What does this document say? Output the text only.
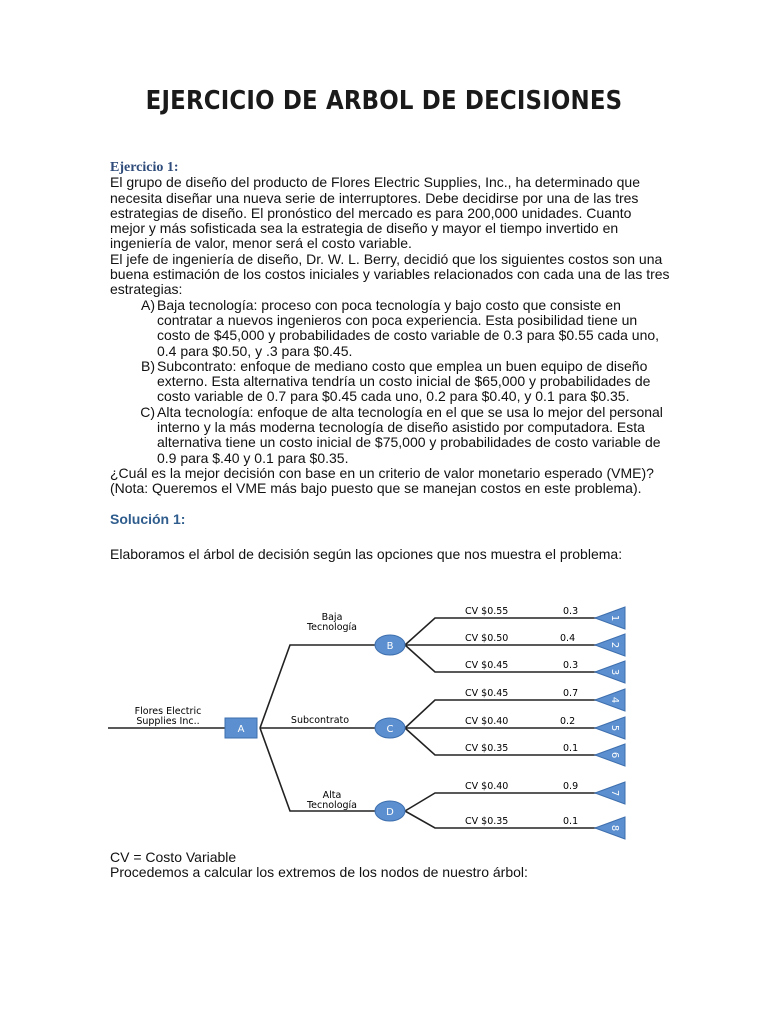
EJERCICIO DE ARBOL DE DECISIONES
Ejercicio 1:

El grupo de diseño del producto de Flores Electric Supplies, Inc., ha determinado que necesita diseñar una nueva serie de interruptores. Debe decidirse por una de las tres estrategias de diseño. El pronóstico del mercado es para 200,000 unidades. Cuanto mejor y más sofisticada sea la estrategia de diseño y mayor el tiempo invertido en ingeniería de valor, menor será el costo variable.

El jefe de ingeniería de diseño, Dr. W. L. Berry, decidió que los siguientes costos son una buena estimación de los costos iniciales y variables relacionados con cada una de las tres estrategias:

A) Baja tecnología: proceso con poca tecnología y bajo costo que consiste en contratar a nuevos ingenieros con poca experiencia. Esta posibilidad tiene un costo de $45,000 y probabilidades de costo variable de 0.3 para $0.55 cada uno, 0.4 para $0.50, y .3 para $0.45.
B) Subcontrato: enfoque de mediano costo que emplea un buen equipo de diseño externo. Esta alternativa tendría un costo inicial de $65,000 y probabilidades de costo variable de 0.7 para $0.45 cada uno, 0.2 para $0.40, y 0.1 para $0.35.
C) Alta tecnología: enfoque de alta tecnología en el que se usa lo mejor del personal interno y la más moderna tecnología de diseño asistido por computadora. Esta alternativa tiene un costo inicial de $75,000 y probabilidades de costo variable de 0.9 para $.40 y 0.1 para $0.35.

¿Cuál es la mejor decisión con base en un criterio de valor monetario esperado (VME)? (Nota: Queremos el VME más bajo puesto que se manejan costos en este problema).

Solución 1:

Elaboramos el árbol de decisión según las opciones que nos muestra el problema:

Flores Electric
Supplies Inc..
A
Baja
Tecnología
Subcontrato
Alta
Tecnología
B
C
D
CV $0.55	0.3
CV $0.50	0.4
CV $0.45	0.3
CV $0.45	0.7
CV $0.40	0.2
CV $0.35	0.1
CV $0.40	0.9
CV $0.35	0.1
1
2
3
4
5
6
7
8

CV = Costo Variable

Procedemos a calcular los extremos de los nodos de nuestro árbol:
